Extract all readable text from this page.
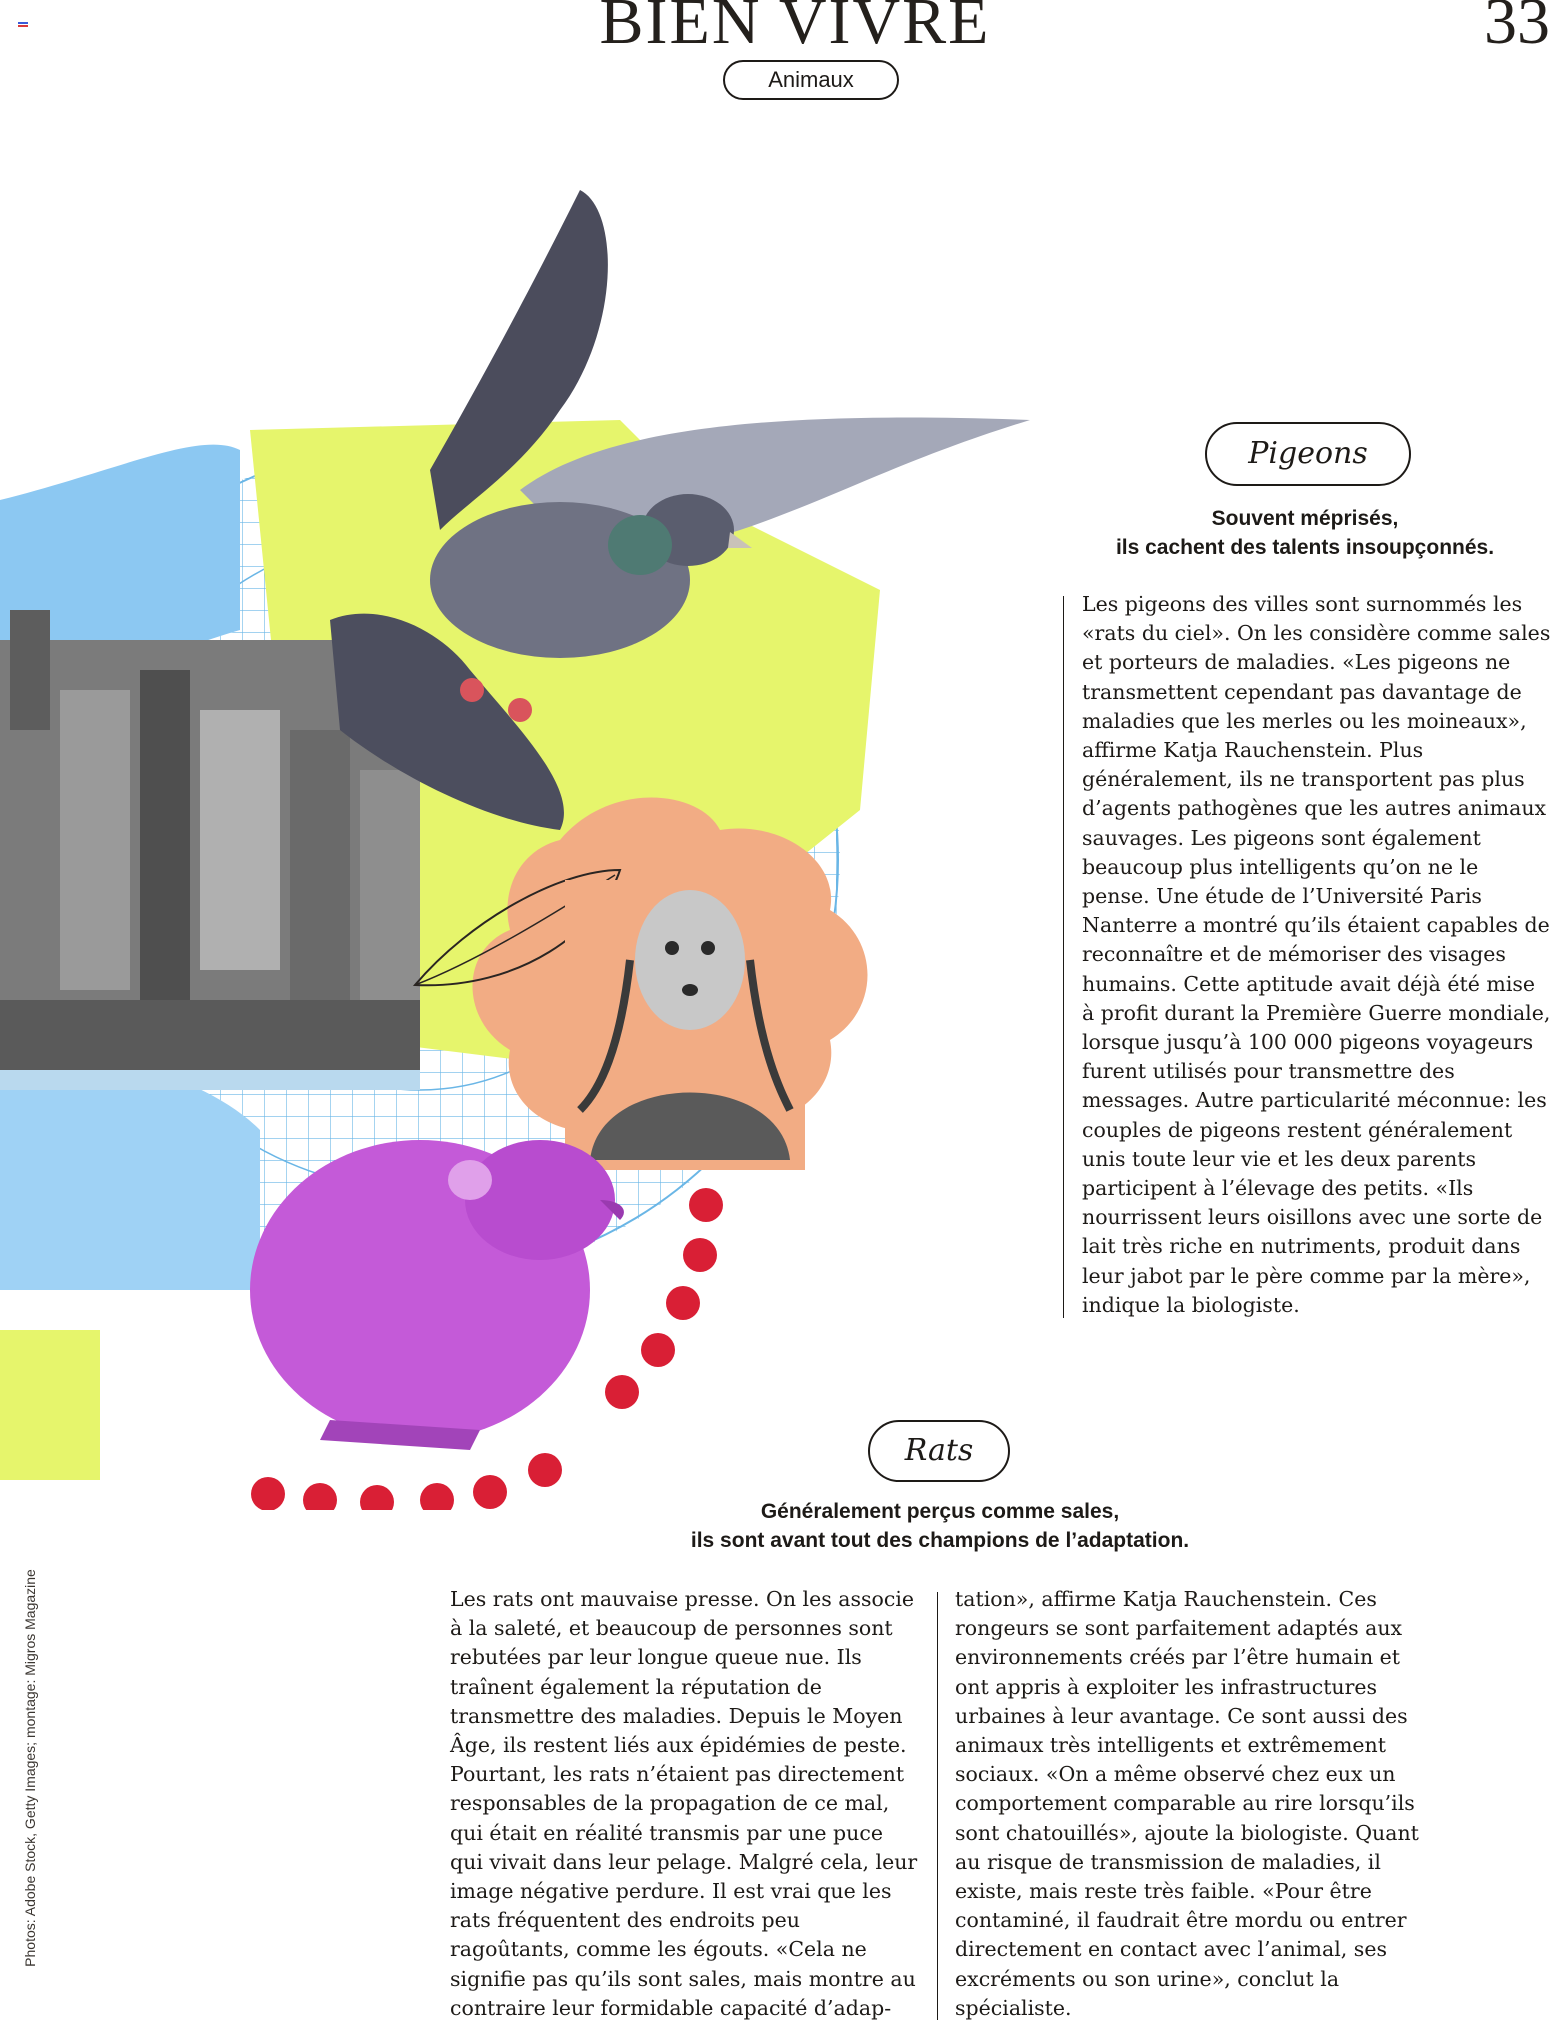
BIEN VIVRE	33
Animaux
Pigeons
Souvent méprisés,
ils cachent des talents insoupçonnés.

Les pigeons des villes sont surnommés les «rats du ciel». On les considère comme sales et porteurs de maladies. «Les pigeons ne transmettent cependant pas davantage de maladies que les merles ou les moineaux», affirme Katja Rauchenstein. Plus généralement, ils ne transportent pas plus d’agents pathogènes que les autres animaux sauvages. Les pigeons sont également beaucoup plus intelligents qu’on ne le pense. Une étude de l’Université Paris Nanterre a montré qu’ils étaient capables de reconnaître et de mémoriser des visages humains. Cette aptitude avait déjà été mise à profit durant la Première Guerre mondiale, lorsque jusqu’à 100 000 pigeons voyageurs furent utilisés pour transmettre des messages. Autre particularité méconnue: les couples de pigeons restent généralement unis toute leur vie et les deux parents participent à l’élevage des petits. «Ils nourrissent leurs oisillons avec une sorte de lait très riche en nutriments, produit dans leur jabot par le père comme par la mère», indique la biologiste.

Rats
Généralement perçus comme sales,
ils sont avant tout des champions de l’adaptation.

Les rats ont mauvaise presse. On les associe à la saleté, et beaucoup de personnes sont rebutées par leur longue queue nue. Ils traînent également la réputation de transmettre des maladies. Depuis le Moyen Âge, ils restent liés aux épidémies de peste. Pourtant, les rats n’étaient pas directement responsables de la propagation de ce mal, qui était en réalité transmis par une puce qui vivait dans leur pelage. Malgré cela, leur image négative perdure. Il est vrai que les rats fréquentent des endroits peu ragoûtants, comme les égouts. «Cela ne signifie pas qu’ils sont sales, mais montre au contraire leur formidable capacité d’adap-

tation», affirme Katja Rauchenstein. Ces rongeurs se sont parfaitement adaptés aux environnements créés par l’être humain et ont appris à exploiter les infrastructures urbaines à leur avantage. Ce sont aussi des animaux très intelligents et extrêmement sociaux. «On a même observé chez eux un comportement comparable au rire lorsqu’ils sont chatouillés», ajoute la biologiste. Quant au risque de transmission de maladies, il existe, mais reste très faible. «Pour être contaminé, il faudrait être mordu ou entrer directement en contact avec l’animal, ses excréments ou son urine», conclut la spécialiste.

Photos: Adobe Stock, Getty Images; montage: Migros Magazine
